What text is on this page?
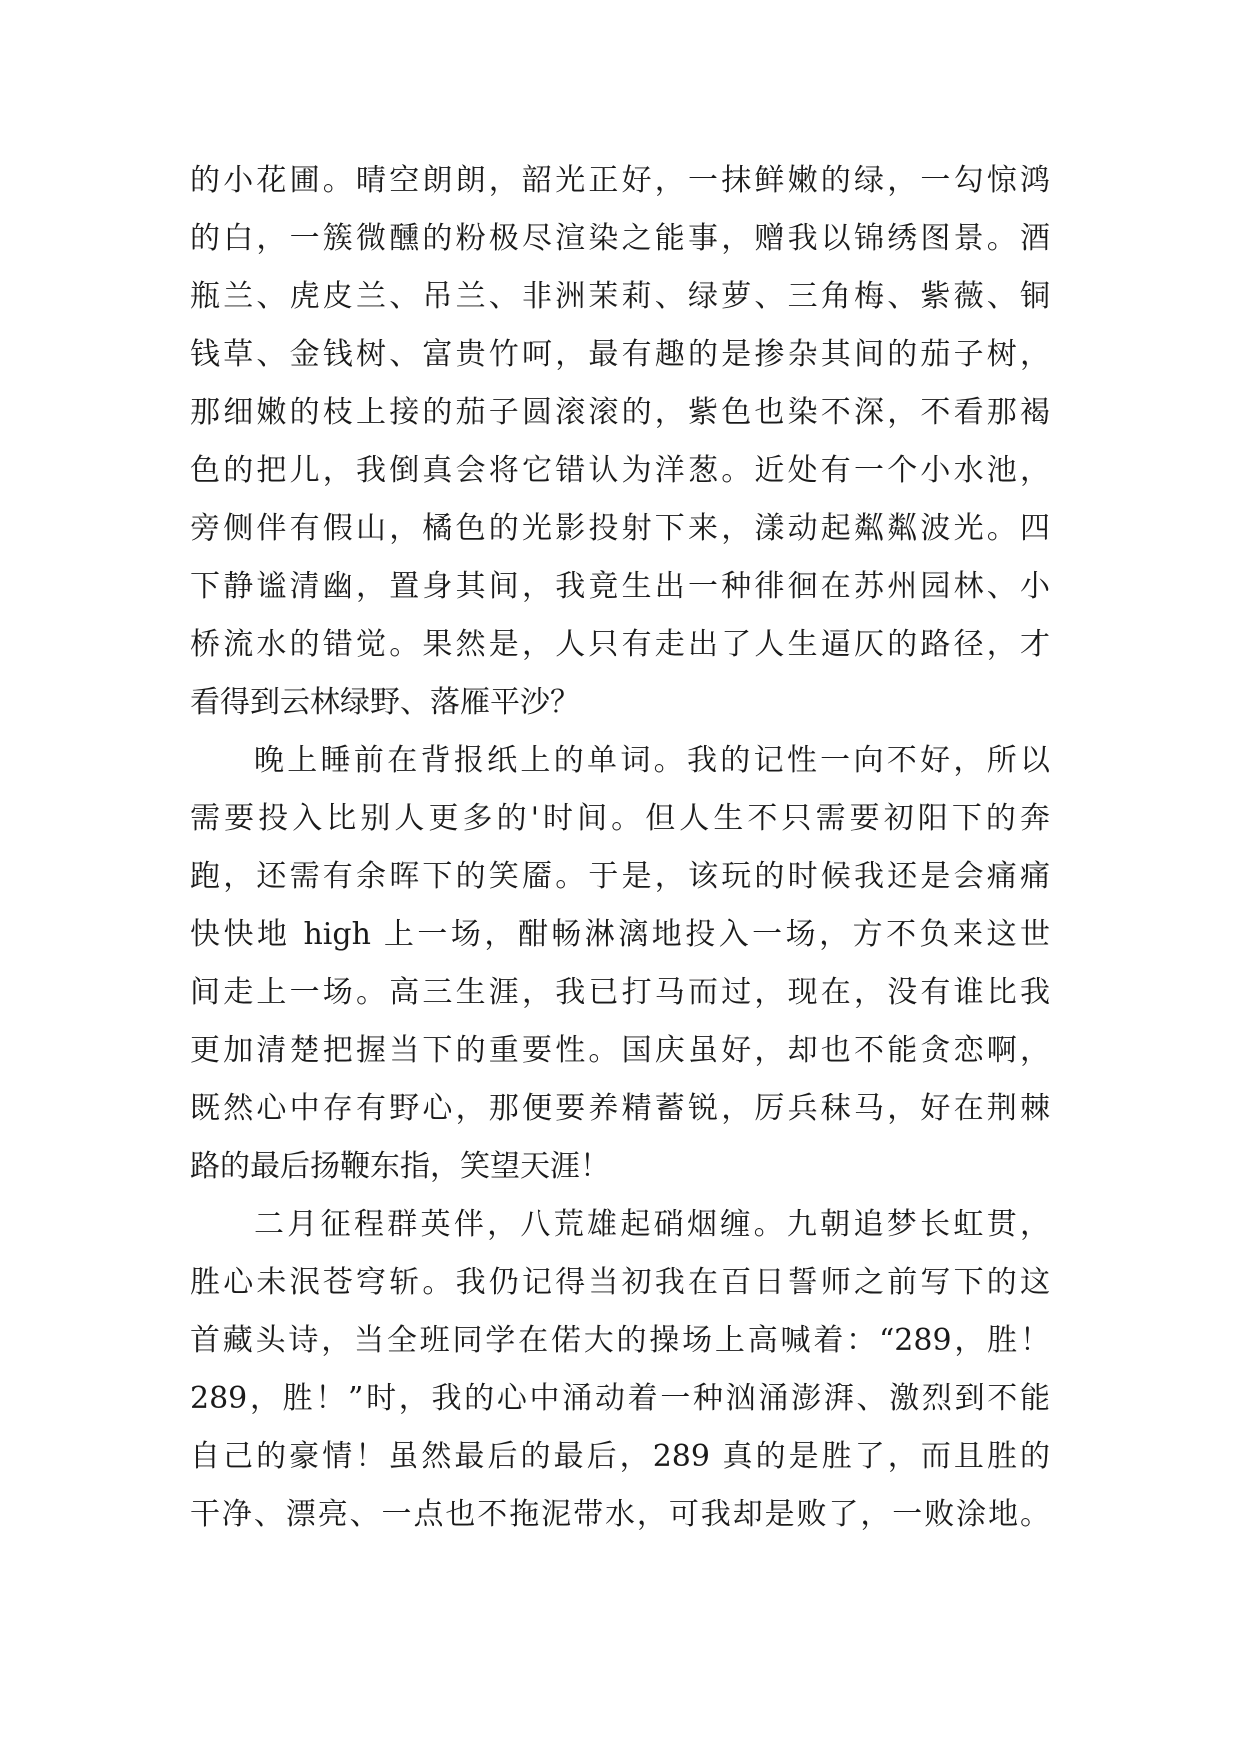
的小花圃。晴空朗朗，韶光正好，一抹鲜嫩的绿，一勾惊鸿
的白，一簇微醺的粉极尽渲染之能事，赠我以锦绣图景。酒
瓶兰、虎皮兰、吊兰、非洲茉莉、绿萝、三角梅、紫薇、铜
钱草、金钱树、富贵竹呵，最有趣的是掺杂其间的茄子树，
那细嫩的枝上接的茄子圆滚滚的，紫色也染不深，不看那褐
色的把儿，我倒真会将它错认为洋葱。近处有一个小水池，
旁侧伴有假山，橘色的光影投射下来，漾动起粼粼波光。四
下静谧清幽，置身其间，我竟生出一种徘徊在苏州园林、小
桥流水的错觉。果然是，人只有走出了人生逼仄的路径，才
看得到云林绿野、落雁平沙？
晚上睡前在背报纸上的单词。我的记性一向不好，所以
需要投入比别人更多的'时间。但人生不只需要初阳下的奔
跑，还需有余晖下的笑靥。于是，该玩的时候我还是会痛痛
快快地 high 上一场，酣畅淋漓地投入一场，方不负来这世
间走上一场。高三生涯，我已打马而过，现在，没有谁比我
更加清楚把握当下的重要性。国庆虽好，却也不能贪恋啊，
既然心中存有野心，那便要养精蓄锐，厉兵秣马，好在荆棘
路的最后扬鞭东指，笑望天涯！
二月征程群英伴，八荒雄起硝烟缠。九朝追梦长虹贯，
胜心未泯苍穹斩。我仍记得当初我在百日誓师之前写下的这
首藏头诗，当全班同学在偌大的操场上高喊着：“289，胜！
289，胜！”时，我的心中涌动着一种汹涌澎湃、激烈到不能
自己的豪情！虽然最后的最后，289 真的是胜了，而且胜的
干净、漂亮、一点也不拖泥带水，可我却是败了，一败涂地。
